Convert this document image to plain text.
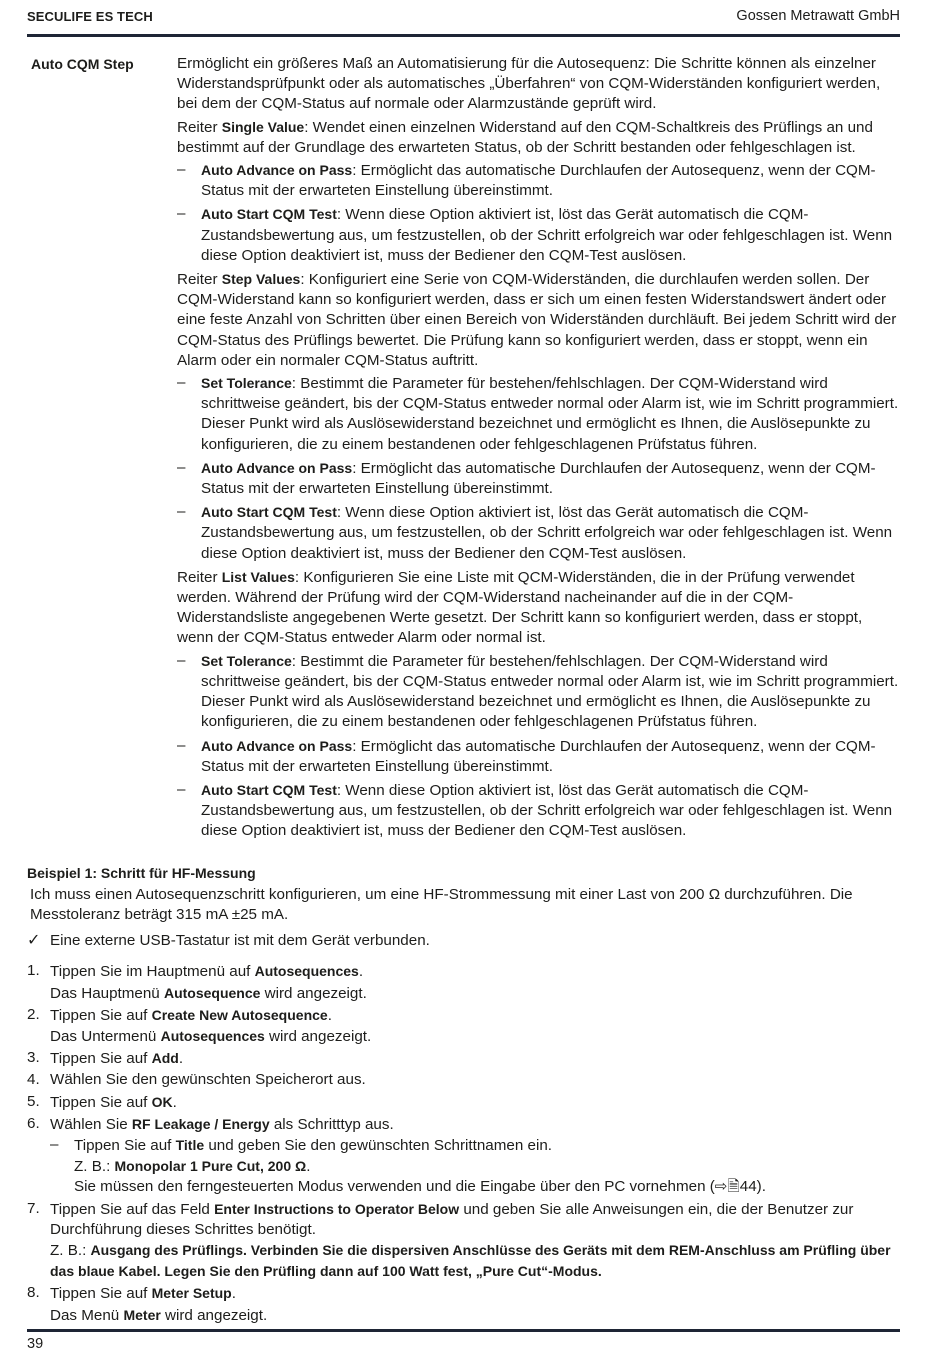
SECULIFE ES TECH	Gossen Metrawatt GmbH
Auto CQM Step	Ermöglicht ein größeres Maß an Automatisierung für die Autosequenz: Die Schritte können als einzelner Widerstandsprüfpunkt oder als automatisches „Überfahren“ von CQM-Widerständen konfiguriert werden, bei dem der CQM-Status auf normale oder Alarmzustände geprüft wird.

Reiter Single Value: Wendet einen einzelnen Widerstand auf den CQM-Schaltkreis des Prüflings an und bestimmt auf der Grundlage des erwarteten Status, ob der Schritt bestanden oder fehlgeschlagen ist.

– Auto Advance on Pass: Ermöglicht das automatische Durchlaufen der Autosequenz, wenn der CQM-Status mit der erwarteten Einstellung übereinstimmt.
– Auto Start CQM Test: Wenn diese Option aktiviert ist, löst das Gerät automatisch die CQM-Zustandsbewertung aus, um festzustellen, ob der Schritt erfolgreich war oder fehlgeschlagen ist. Wenn diese Option deaktiviert ist, muss der Bediener den CQM-Test auslösen.

Reiter Step Values: Konfiguriert eine Serie von CQM-Widerständen, die durchlaufen werden sollen. Der CQM-Widerstand kann so konfiguriert werden, dass er sich um einen festen Widerstandswert ändert oder eine feste Anzahl von Schritten über einen Bereich von Widerständen durchläuft. Bei jedem Schritt wird der CQM-Status des Prüflings bewertet. Die Prüfung kann so konfiguriert werden, dass er stoppt, wenn ein Alarm oder ein normaler CQM-Status auftritt.

– Set Tolerance: Bestimmt die Parameter für bestehen/fehlschlagen. Der CQM-Widerstand wird schrittweise geändert, bis der CQM-Status entweder normal oder Alarm ist, wie im Schritt programmiert. Dieser Punkt wird als Auslösewiderstand bezeichnet und ermöglicht es Ihnen, die Auslösepunkte zu konfigurieren, die zu einem bestandenen oder fehlgeschlagenen Prüfstatus führen.
– Auto Advance on Pass: Ermöglicht das automatische Durchlaufen der Autosequenz, wenn der CQM-Status mit der erwarteten Einstellung übereinstimmt.
– Auto Start CQM Test: Wenn diese Option aktiviert ist, löst das Gerät automatisch die CQM-Zustandsbewertung aus, um festzustellen, ob der Schritt erfolgreich war oder fehlgeschlagen ist. Wenn diese Option deaktiviert ist, muss der Bediener den CQM-Test auslösen.

Reiter List Values: Konfigurieren Sie eine Liste mit QCM-Widerständen, die in der Prüfung verwendet werden. Während der Prüfung wird der CQM-Widerstand nacheinander auf die in der CQM-Widerstandsliste angegebenen Werte gesetzt. Der Schritt kann so konfiguriert werden, dass er stoppt, wenn der CQM-Status entweder Alarm oder normal ist.

– Set Tolerance: Bestimmt die Parameter für bestehen/fehlschlagen. Der CQM-Widerstand wird schrittweise geändert, bis der CQM-Status entweder normal oder Alarm ist, wie im Schritt programmiert. Dieser Punkt wird als Auslösewiderstand bezeichnet und ermöglicht es Ihnen, die Auslösepunkte zu konfigurieren, die zu einem bestandenen oder fehlgeschlagenen Prüfstatus führen.
– Auto Advance on Pass: Ermöglicht das automatische Durchlaufen der Autosequenz, wenn der CQM-Status mit der erwarteten Einstellung übereinstimmt.
– Auto Start CQM Test: Wenn diese Option aktiviert ist, löst das Gerät automatisch die CQM-Zustandsbewertung aus, um festzustellen, ob der Schritt erfolgreich war oder fehlgeschlagen ist. Wenn diese Option deaktiviert ist, muss der Bediener den CQM-Test auslösen.
Beispiel 1: Schritt für HF-Messung

Ich muss einen Autosequenzschritt konfigurieren, um eine HF-Strommessung mit einer Last von 200 Ω durchzuführen. Die Messtoleranz beträgt 315 mA ±25 mA.

✓ Eine externe USB-Tastatur ist mit dem Gerät verbunden.
1. Tippen Sie im Hauptmenü auf Autosequences.
Das Hauptmenü Autosequence wird angezeigt.
2. Tippen Sie auf Create New Autosequence.
Das Untermenü Autosequences wird angezeigt.
3. Tippen Sie auf Add.
4. Wählen Sie den gewünschten Speicherort aus.
5. Tippen Sie auf OK.
6. Wählen Sie RF Leakage / Energy als Schritttyp aus.
– Tippen Sie auf Title und geben Sie den gewünschten Schrittnamen ein.
Z. B.: Monopolar 1 Pure Cut, 200 Ω.
Sie müssen den ferngesteuerten Modus verwenden und die Eingabe über den PC vornehmen (⇨🗎44).
7. Tippen Sie auf das Feld Enter Instructions to Operator Below und geben Sie alle Anweisungen ein, die der Benutzer zur Durchführung dieses Schrittes benötigt.
Z. B.: Ausgang des Prüflings. Verbinden Sie die dispersiven Anschlüsse des Geräts mit dem REM-Anschluss am Prüfling über das blaue Kabel. Legen Sie den Prüfling dann auf 100 Watt fest, „Pure Cut“-Modus.
8. Tippen Sie auf Meter Setup.
Das Menü Meter wird angezeigt.
39
